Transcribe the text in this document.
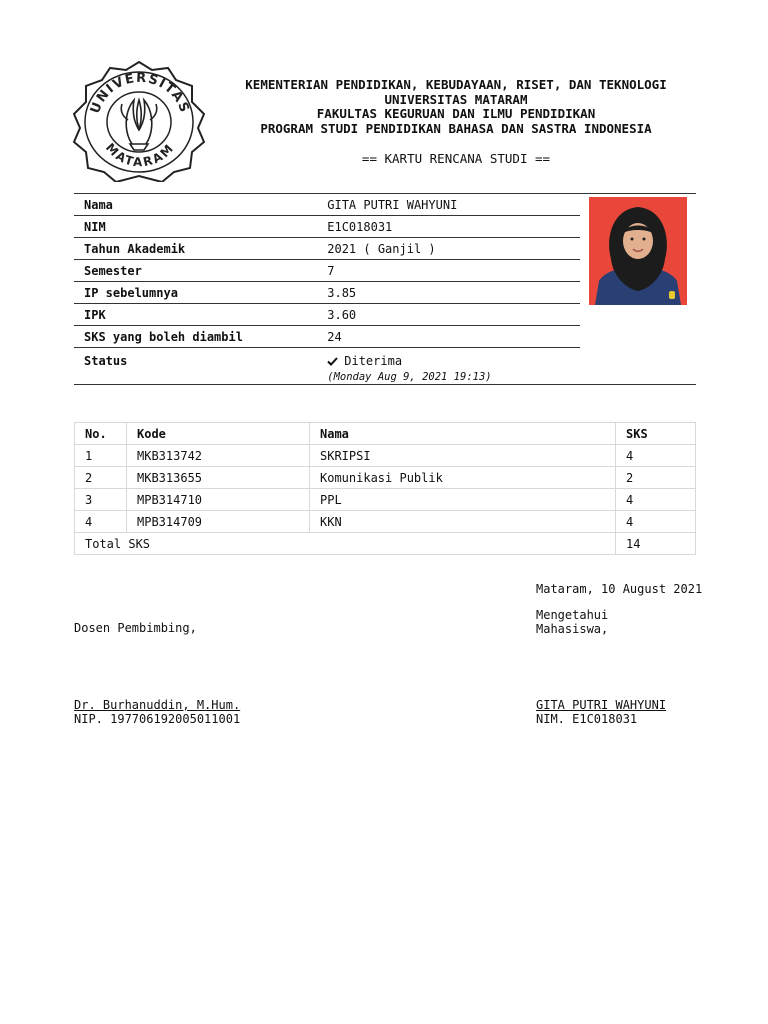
UNIVERSITAS
MATARAM
KEMENTERIAN PENDIDIKAN, KEBUDAYAAN, RISET, DAN TEKNOLOGI
UNIVERSITAS MATARAM
FAKULTAS KEGURUAN DAN ILMU PENDIDIKAN
PROGRAM STUDI PENDIDIKAN BAHASA DAN SASTRA INDONESIA
== KARTU RENCANA STUDI ==
Nama	GITA PUTRI WAHYUNI
NIM	E1C018031
Tahun Akademik	2021 ( Ganjil )
Semester	7
IP sebelumnya	3.85
IPK	3.60
SKS yang boleh diambil	24
Status	Diterima
(Monday Aug 9, 2021 19:13)
No.	Kode	Nama	SKS
1	MKB313742	SKRIPSI	4
2	MKB313655	Komunikasi Publik	2
3	MPB314710	PPL	4
4	MPB314709	KKN	4
Total SKS			14
Mataram, 10 August 2021
Mengetahui
Mahasiswa,
Dosen Pembimbing,
Dr. Burhanuddin, M.Hum.
NIP. 197706192005011001
GITA PUTRI WAHYUNI
NIM. E1C018031
